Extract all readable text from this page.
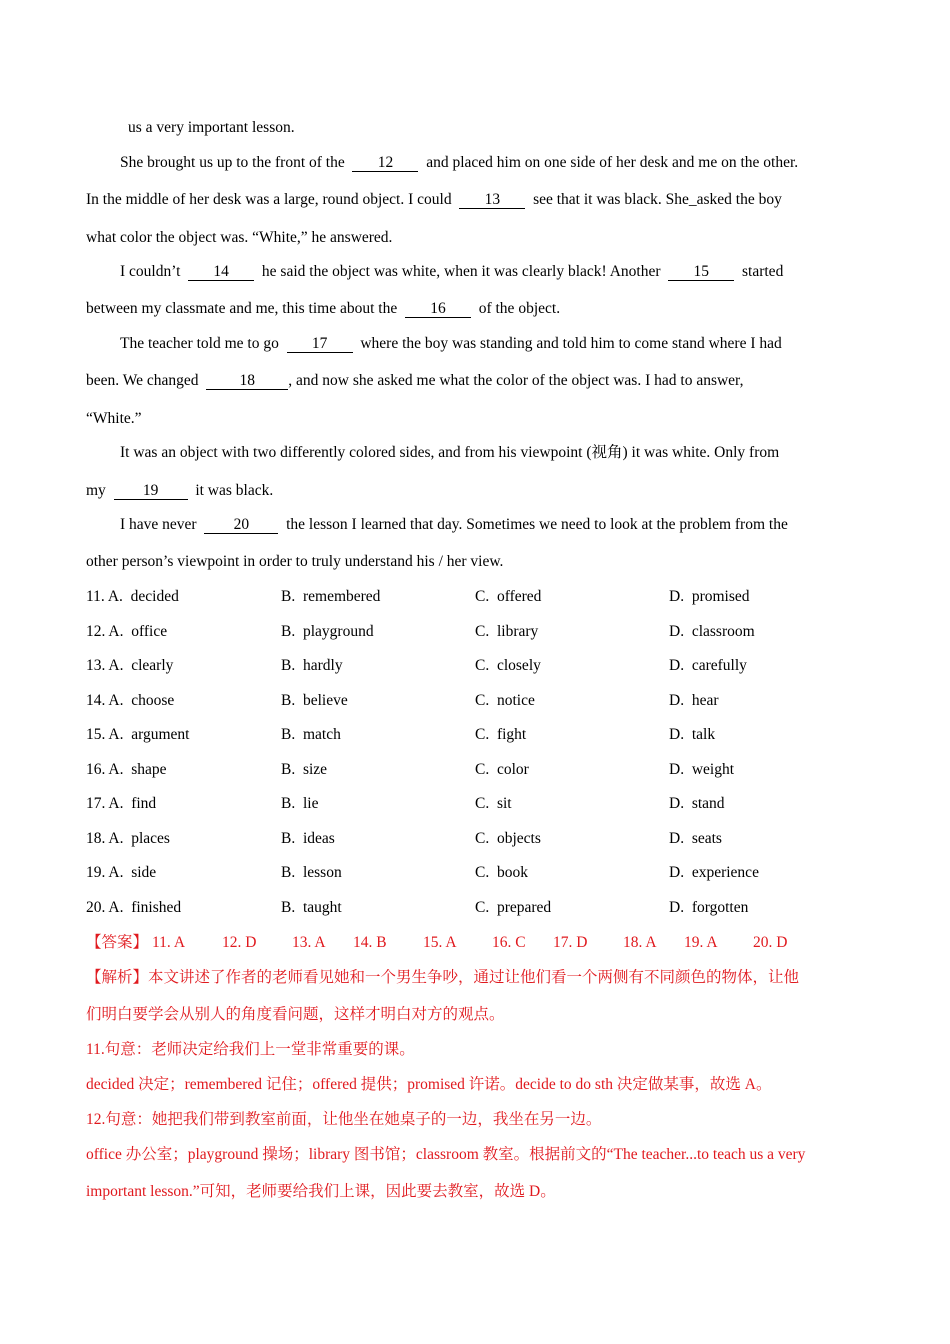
us a very important lesson.
She brought us up to the front of the 12 and placed him on one side of her desk and me on the other.
In the middle of her desk was a large, round object. I could 13 see that it was black. She_asked the boy
what color the object was. “White,” he answered.
I couldn’t 14 he said the object was white, when it was clearly black! Another 15 started
between my classmate and me, this time about the 16 of the object.
The teacher told me to go 17 where the boy was standing and told him to come stand where I had
been. We changed	18 , and now she asked me what the color of the object was. I had to answer,
“White.”
It was an object with two differently colored sides, and from his viewpoint (视角) it was white. Only from
my 19 it was black.
I have never 20 the lesson I learned that day. Sometimes we need to look at the problem from the
other person’s viewpoint in order to truly understand his / her view.
11. A. decided	B. remembered	C. offered	D. promised
12. A. office	B. playground	C. library	D. classroom
13. A. clearly	B. hardly	C. closely	D. carefully
14. A. choose	B. believe	C. notice	D. hear
15. A. argument	B. match	C. fight	D. talk
16. A. shape	B. size	C. color	D. weight
17. A. find	B. lie	C. sit	D. stand
18. A. places	B. ideas	C. objects	D. seats
19. A. side	B. lesson	C. book	D. experience
20. A. finished	B. taught	C. prepared	D. forgotten
【答案】 11. A 12. D 13. A 14. B 15. A 16. C 17. D 18. A 19. A 20. D
【解析】本文讲述了作者的老师看见她和一个男生争吵，通过让他们看一个两侧有不同颜色的物体，让他
们明白要学会从别人的角度看问题，这样才明白对方的观点。
11.句意：老师决定给我们上一堂非常重要的课。
decided 决定；remembered 记住；offered 提供；promised 许诺。decide to do sth 决定做某事，故选 A。
12.句意：她把我们带到教室前面，让他坐在她桌子的一边，我坐在另一边。
office 办公室；playground 操场；library 图书馆；classroom 教室。根据前文的“The teacher...to teach us a very
important lesson.”可知，老师要给我们上课，因此要去教室，故选 D。
